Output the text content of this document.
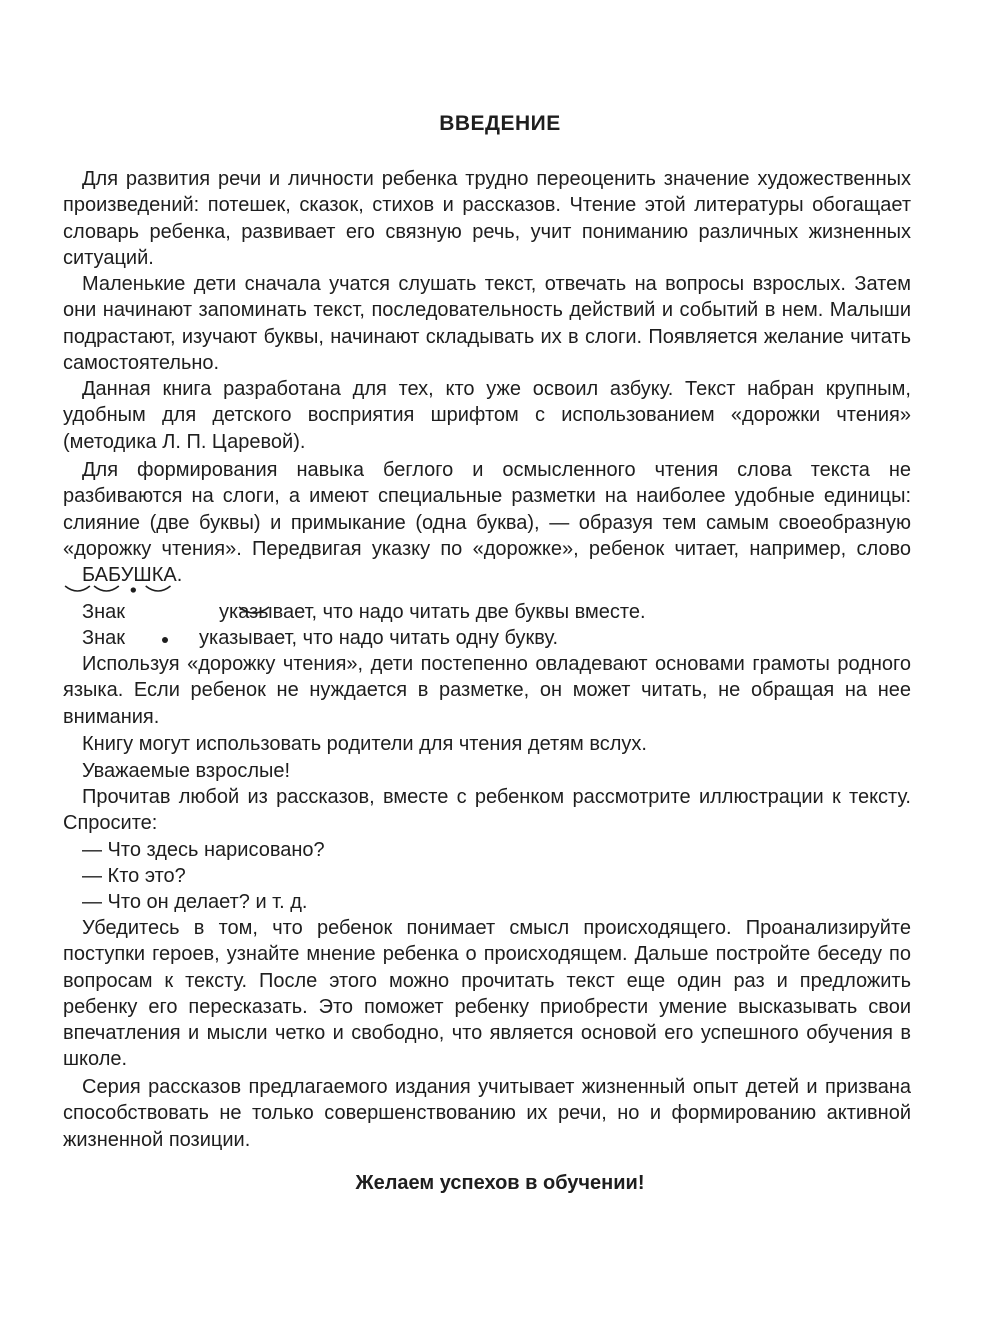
ВВЕДЕНИЕ
Для развития речи и личности ребенка трудно переоценить значение художественных произведений: потешек, сказок, стихов и рассказов. Чтение этой литературы обогащает словарь ребенка, развивает его связную речь, учит пониманию различных жизненных ситуаций.
Маленькие дети сначала учатся слушать текст, отвечать на вопросы взрослых. Затем они начинают запоминать текст, последовательность действий и событий в нем. Малыши подрастают, изучают буквы, начинают складывать их в слоги. Появляется желание читать самостоятельно.
Данная книга разработана для тех, кто уже освоил азбуку. Текст набран крупным, удобным для детского восприятия шрифтом с использованием «дорожки чтения» (методика Л. П. Царевой).
Для формирования навыка беглого и осмысленного чтения слова текста не разбиваются на слоги, а имеют специальные разметки на наиболее удобные единицы: слияние (две буквы) и примыкание (одна буква), — образуя тем самым своеобразную «дорожку чтения». Передвигая указку по «дорожке», ребенок читает, например, слово БАБУШКА
.
Знак	указывает, что надо читать две буквы вместе.
Знак	указывает, что надо читать одну букву.
Используя «дорожку чтения», дети постепенно овладевают основами грамоты родного языка. Если ребенок не нуждается в разметке, он может читать, не обращая на нее внимания.
Книгу могут использовать родители для чтения детям вслух.
Уважаемые взрослые!
Прочитав любой из рассказов, вместе с ребенком рассмотрите иллюстрации к тексту. Спросите:
— Что здесь нарисовано?
— Кто это?
— Что он делает? и т. д.
Убедитесь в том, что ребенок понимает смысл происходящего. Проанализируйте поступки героев, узнайте мнение ребенка о происходящем. Дальше постройте беседу по вопросам к тексту. После этого можно прочитать текст еще один раз и предложить ребенку его пересказать. Это поможет ребенку приобрести умение высказывать свои впечатления и мысли четко и свободно, что является основой его успешного обучения в школе.
Серия рассказов предлагаемого издания учитывает жизненный опыт детей и призвана способствовать не только совершенствованию их речи, но и формированию активной жизненной позиции.
Желаем успехов в обучении!
